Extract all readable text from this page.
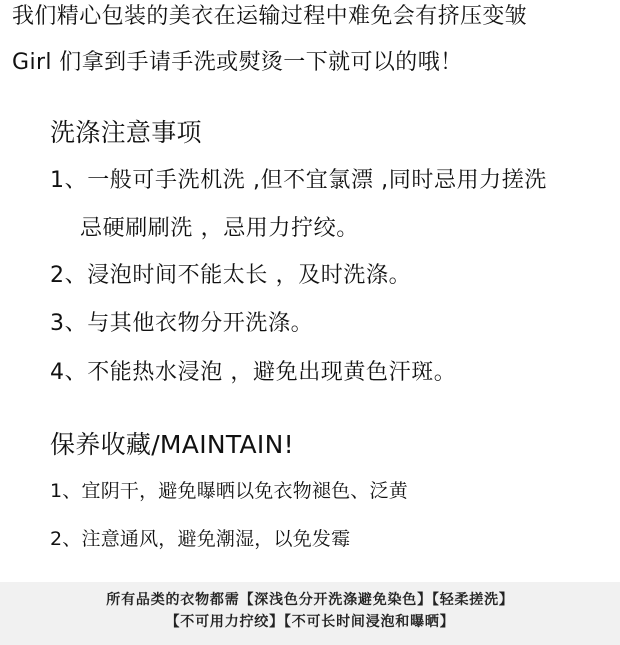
我们精心包装的美衣在运输过程中难免会有挤压变皱
Girl 们拿到手请手洗或熨烫一下就可以的哦！
洗涤注意事项
1、一般可手洗机洗 ,但不宜氯漂 ,同时忌用力搓洗
忌硬刷刷洗 ，忌用力拧绞。
2、浸泡时间不能太长 ，及时洗涤。
3、与其他衣物分开洗涤。
4、不能热水浸泡 ，避免出现黄色汗斑。
保养收藏/MAINTAIN!
1、宜阴干，避免曝晒以免衣物褪色、泛黄
2、注意通风，避免潮湿，以免发霉
所有品类的衣物都需【深浅色分开洗涤避免染色】【轻柔搓洗】
【不可用力拧绞】【不可长时间浸泡和曝晒】
